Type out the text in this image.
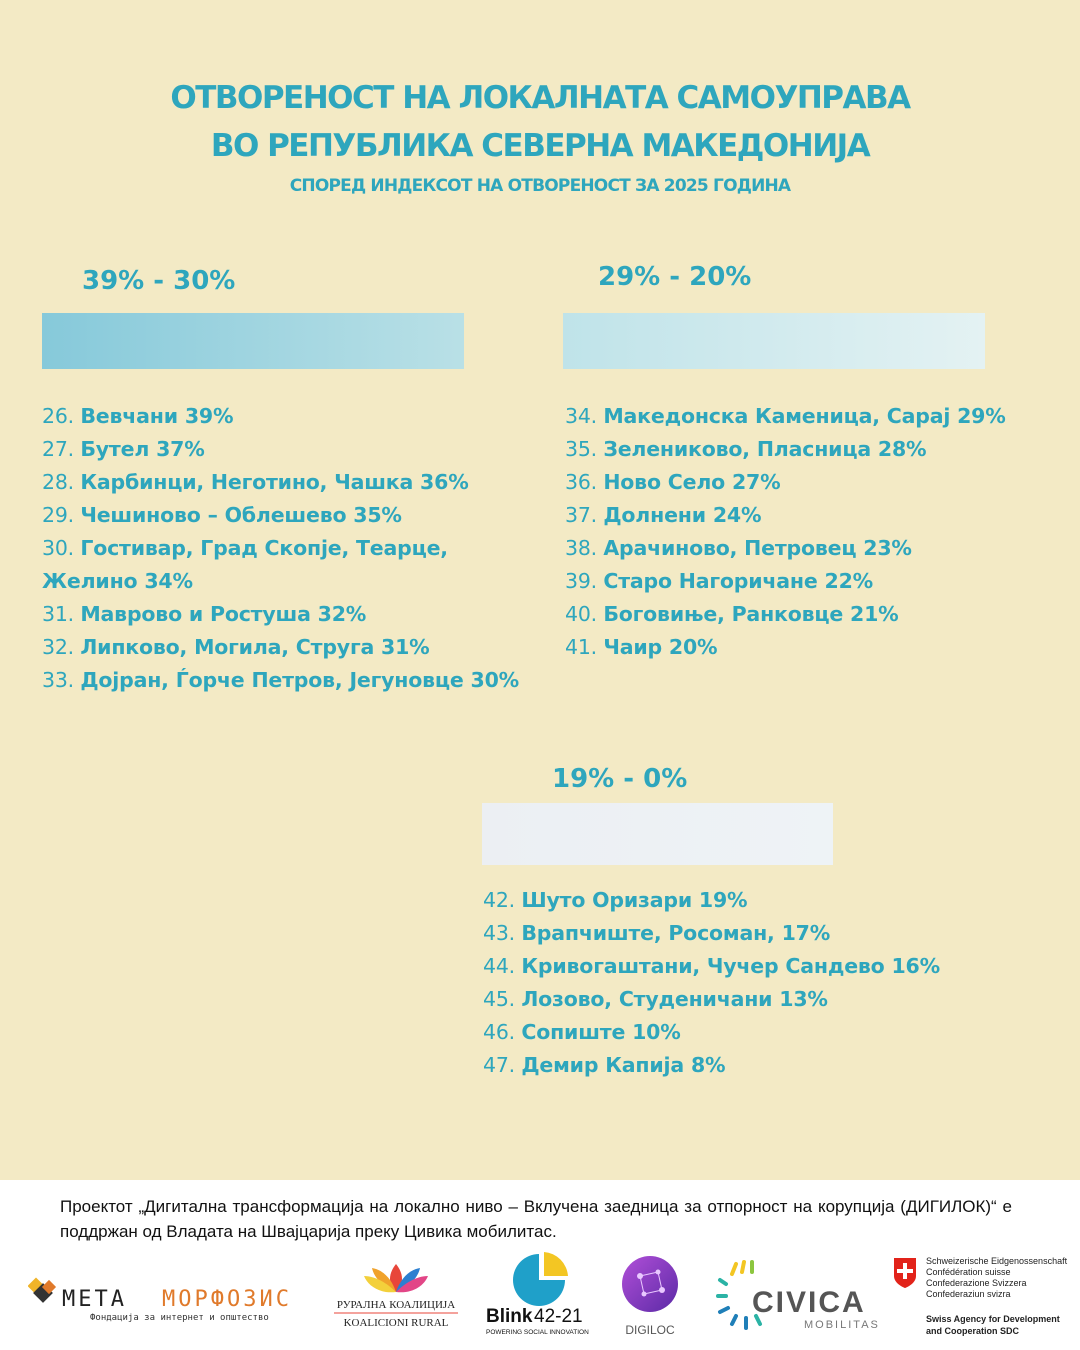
ОТВОРЕНОСТ НА ЛОКАЛНАТА САМОУПРАВА
ВО РЕПУБЛИКА СЕВЕРНА МАКЕДОНИЈА
СПОРЕД ИНДЕКСОТ НА ОТВОРЕНОСТ ЗА 2025 ГОДИНА
39% - 30%
26. Вевчани 39%
27. Бутел 37%
28. Карбинци, Неготино, Чашка 36%
29. Чешиново – Облешево 35%
30. Гостивар, Град Скопје, Теарце, Желино 34%
31. Маврово и Ростуша 32%
32. Липково, Могила, Струга 31%
33. Дојран, Ѓорче Петров, Јегуновце 30%
29% - 20%
34. Македонска Каменица, Сарај 29%
35. Зелениково, Пласница 28%
36. Ново Село 27%
37. Долнени 24%
38. Арачиново, Петровец 23%
39. Старо Нагоричане 22%
40. Боговиње, Ранковце 21%
41. Чаир 20%
19% - 0%
42. Шуто Оризари 19%
43. Врапчиште, Росоман, 17%
44. Кривогаштани, Чучер Сандево 16%
45. Лозово, Студеничани 13%
46. Сопиште 10%
47. Демир Капија 8%
Проектот „Дигитална трансформација на локално ниво – Вклучена заедница за отпорност на корупција (ДИГИЛОК)“ е поддржан од Владата на Швајцарија преку Цивика мобилитас.
МЕТА МОРФОЗИС
Фондација за интернет и општество
РУРАЛНА КОАЛИЦИЈА
KOALICIONI RURAL Blink 42-21
POWERING SOCIAL INNOVATION	DIGILOC
CIVICA
MOBILITAS
Schweizerische Eidgenossenschaft
Confédération suisse
Confederazione Svizzera
Confederaziun svizra
Swiss Agency for Development
and Cooperation SDC
